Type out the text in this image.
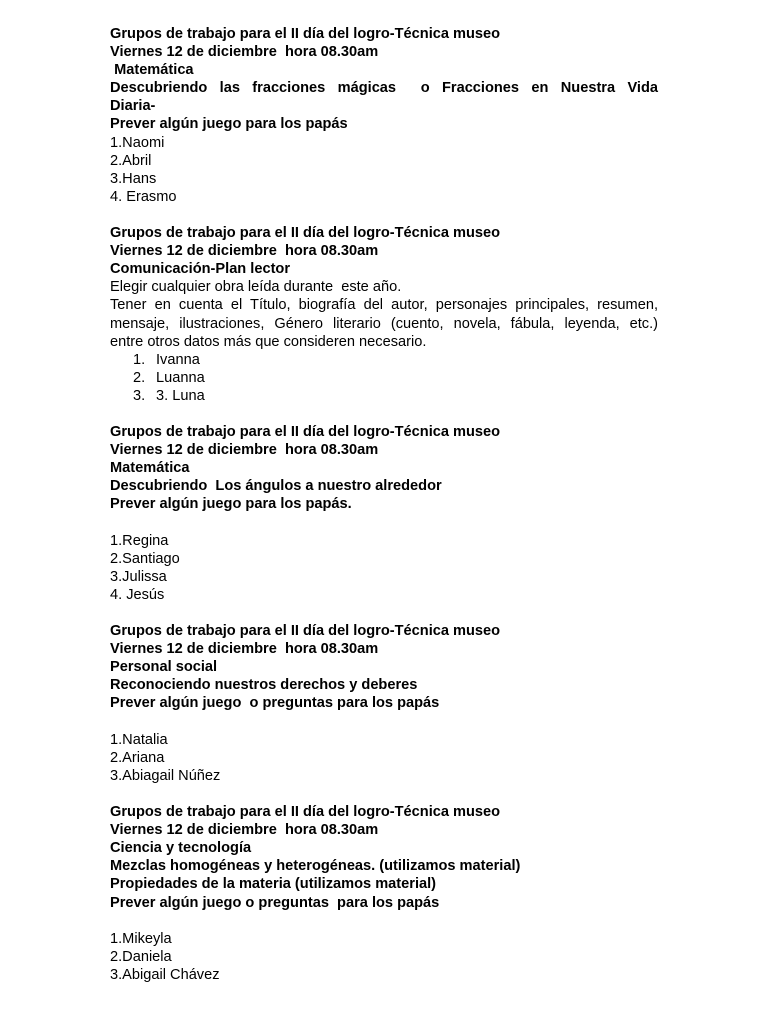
Grupos de trabajo para el II día del logro-Técnica museo
Viernes 12 de diciembre  hora 08.30am
Matemática
Descubriendo las fracciones mágicas  o Fracciones en Nuestra Vida
Diaria-
Prever algún juego para los papás
1.Naomi
2.Abril
3.Hans
4. Erasmo
Grupos de trabajo para el II día del logro-Técnica museo
Viernes 12 de diciembre  hora 08.30am
Comunicación-Plan lector
Elegir cualquier obra leída durante  este año.
Tener en cuenta el Título, biografía del autor, personajes principales, resumen,
mensaje, ilustraciones, Género literario (cuento, novela, fábula, leyenda, etc.)
entre otros datos más que consideren necesario.
1. Ivanna
2. Luanna
3. 3. Luna
Grupos de trabajo para el II día del logro-Técnica museo
Viernes 12 de diciembre  hora 08.30am
Matemática
Descubriendo  Los ángulos a nuestro alrededor
Prever algún juego para los papás.
1.Regina
2.Santiago
3.Julissa
4. Jesús
Grupos de trabajo para el II día del logro-Técnica museo
Viernes 12 de diciembre  hora 08.30am
Personal social
Reconociendo nuestros derechos y deberes
Prever algún juego  o preguntas para los papás
1.Natalia
2.Ariana
3.Abiagail Núñez
Grupos de trabajo para el II día del logro-Técnica museo
Viernes 12 de diciembre  hora 08.30am
Ciencia y tecnología
Mezclas homogéneas y heterogéneas. (utilizamos material)
Propiedades de la materia (utilizamos material)
Prever algún juego o preguntas  para los papás
1.Mikeyla
2.Daniela
3.Abigail Chávez
